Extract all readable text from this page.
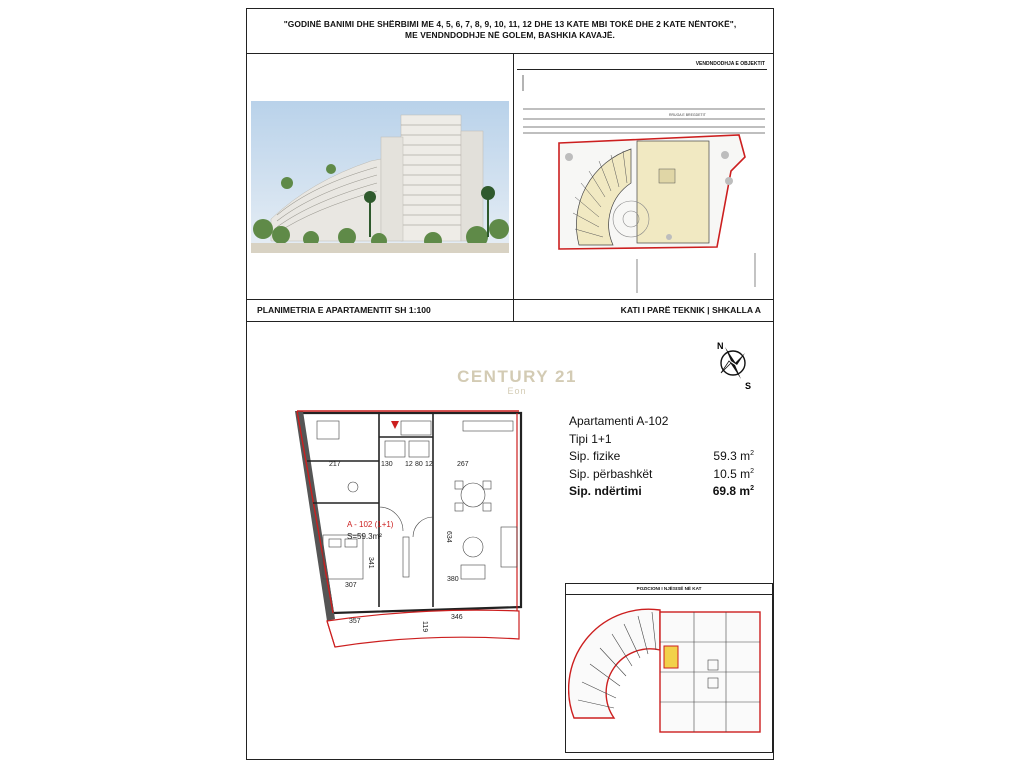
"GODINË BANIMI DHE SHËRBIMI ME 4, 5, 6, 7, 8, 9, 10, 11, 12 DHE 13 KATE MBI TOKË DHE 2 KATE NËNTOKË",
ME VENDNDODHJE NË GOLEM, BASHKIA KAVAJË.
VENDNDODHJA E OBJEKTIT
RRUGA E BREGDETIT
PLANIMETRIA E APARTAMENTIT SH 1:100	KATI I PARË TEKNIK | SHKALLA A
N
S
CENTURY 21
Eon
A - 102 (1+1)
S=59.3m²
217	130 12 80 12	267
634
341
307
380
357
346
119
Apartamenti A-102
Tipi 1+1
Sip. fizike	59.3 $m^2$
Sip. përbashkët	10.5 $m^2$
Sip. ndërtimi	69.8 $m^2$
POZICIONI I NJËSISË NË KAT
